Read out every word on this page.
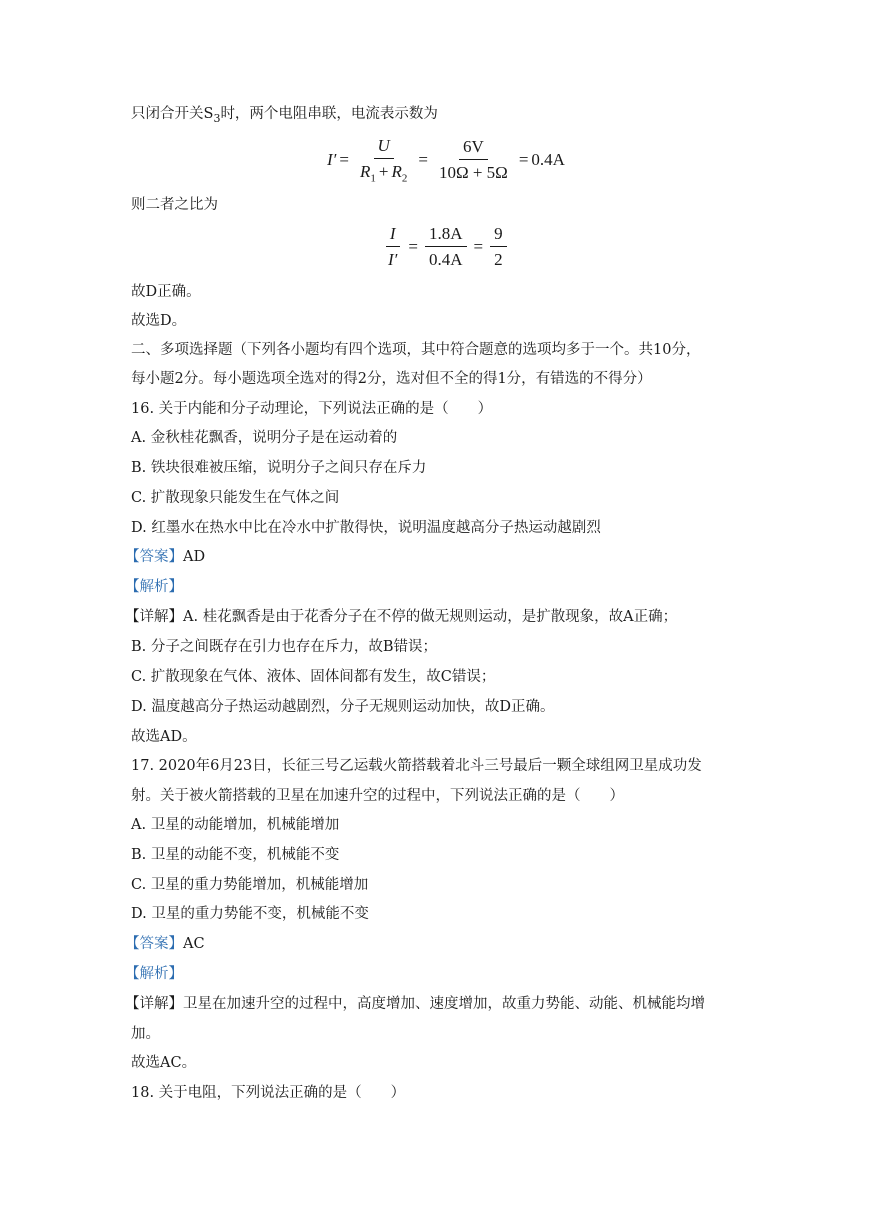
只闭合开关$S_3$时，两个电阻串联，电流表示数为
$I' = \frac{U}{R_1 + R_2} = \frac{6V}{10\Omega + 5\Omega} = 0.4A$
则二者之比为
$\frac{I}{I'} = \frac{1.8A}{0.4A} = \frac{9}{2}$
故D正确。
故选D。
二、多项选择题（下列各小题均有四个选项，其中符合题意的选项均多于一个。共10分，
每小题2分。每小题选项全选对的得2分，选对但不全的得1分，有错选的不得分）
16. 关于内能和分子动理论，下列说法正确的是（　　）
A. 金秋桂花飘香，说明分子是在运动着的
B. 铁块很难被压缩，说明分子之间只存在斥力
C. 扩散现象只能发生在气体之间
D. 红墨水在热水中比在冷水中扩散得快，说明温度越高分子热运动越剧烈
【答案】AD
【解析】
【详解】A. 桂花飘香是由于花香分子在不停的做无规则运动，是扩散现象，故A正确；
B. 分子之间既存在引力也存在斥力，故B错误；
C. 扩散现象在气体、液体、固体间都有发生，故C错误；
D. 温度越高分子热运动越剧烈，分子无规则运动加快，故D正确。
故选AD。
17. 2020年6月23日，长征三号乙运载火箭搭载着北斗三号最后一颗全球组网卫星成功发
射。关于被火箭搭载的卫星在加速升空的过程中，下列说法正确的是（　　）
A. 卫星的动能增加，机械能增加
B. 卫星的动能不变，机械能不变
C. 卫星的重力势能增加，机械能增加
D. 卫星的重力势能不变，机械能不变
【答案】AC
【解析】
【详解】卫星在加速升空的过程中，高度增加、速度增加，故重力势能、动能、机械能均增
加。
故选AC。
18. 关于电阻，下列说法正确的是（　　）
